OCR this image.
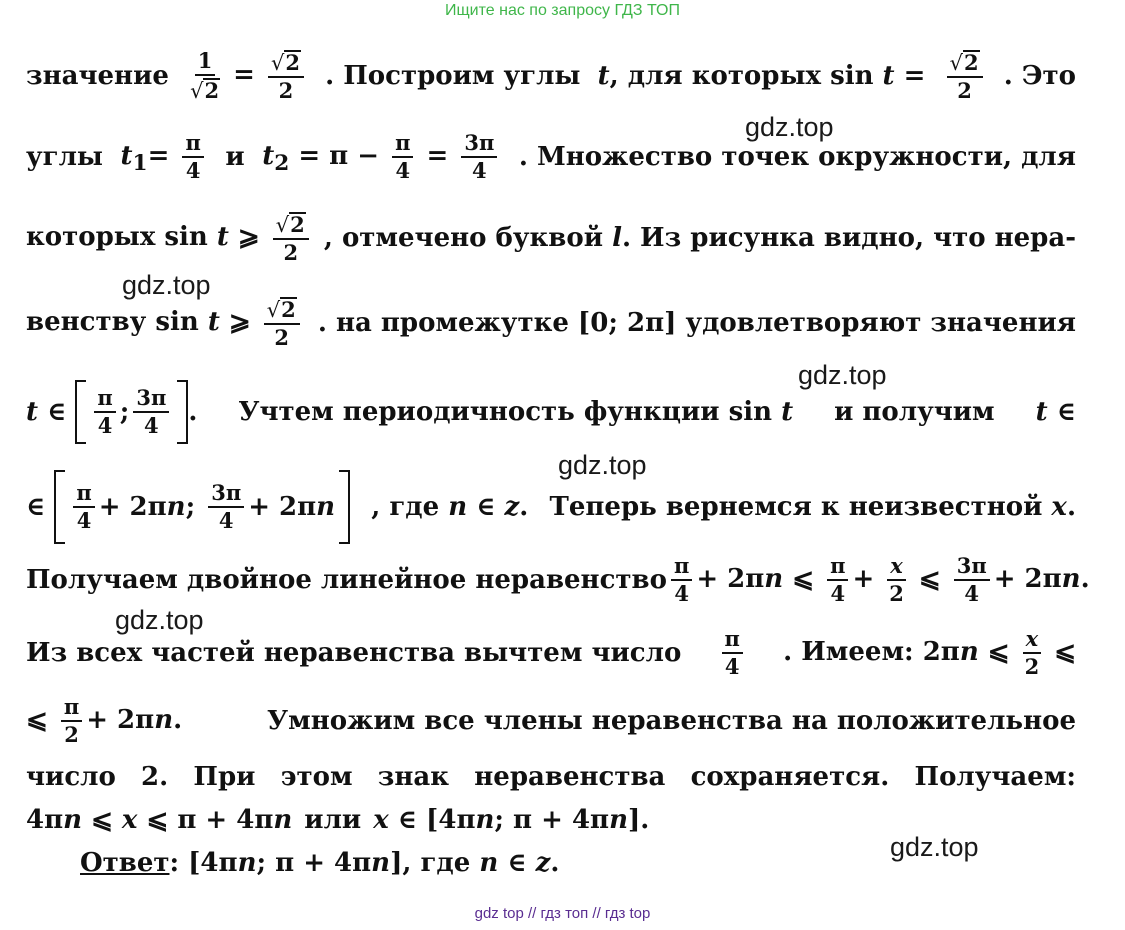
Ищите нас по запросу ГДЗ ТОП
gdz.top
gdz.top
gdz.top
gdz.top
gdz.top
gdz.top
значение $\frac{1}{√2} = \frac{√2}{2}$ . Построим углы t, для которых $\sin t = \frac{√2}{2}$ . Это
углы $t_1= \frac{\pi}{4}$ и $t_2 = \pi - \frac{\pi}{4} = \frac{3\pi}{4}$ . Множество точек окружности, для
которых sin t ⩾ $\frac{√2}{2}$ , отмечено буквой l. Из рисунка видно, что нера-
венству sin t ⩾ $\frac{√2}{2}$ . на промежутке [0; 2π] удовлетворяют значения
t ∈ $\frac{\pi}{4}$ ; $\frac{3\pi}{4}$ . Учтем периодичность функции sin t и получим t ∈
∈ $\frac{\pi}{4} + 2\pi$ n ; $\frac{3\pi}{4} + 2\pi$ n , где n ∈ z. Теперь вернемся к неизвестной x.
Получаем двойное линейное неравенство $\frac{\pi}{4} + 2\pi n$ ⩽ $\frac{\pi}{4} + \frac{x}{2}$ ⩽ $\frac{3\pi}{4} + 2\pi n$.
Из всех частей неравенства вычтем число $\frac{\pi}{4}$ . Имеем: 2πn ⩽ $\frac{x}{2}$ ⩽
⩽ $\frac{\pi}{2} + 2\pi n$.	Умножим все члены неравенства на положительное
число 2. При этом знак неравенства сохраняется. Получаем:
4πn ⩽ x ⩽ π + 4πn или x ∈ [4πn; π + 4πn].
Ответ : [4π n ; π + 4π n ], где
n ∈ z .
gdz top // гдз топ // гдз top
